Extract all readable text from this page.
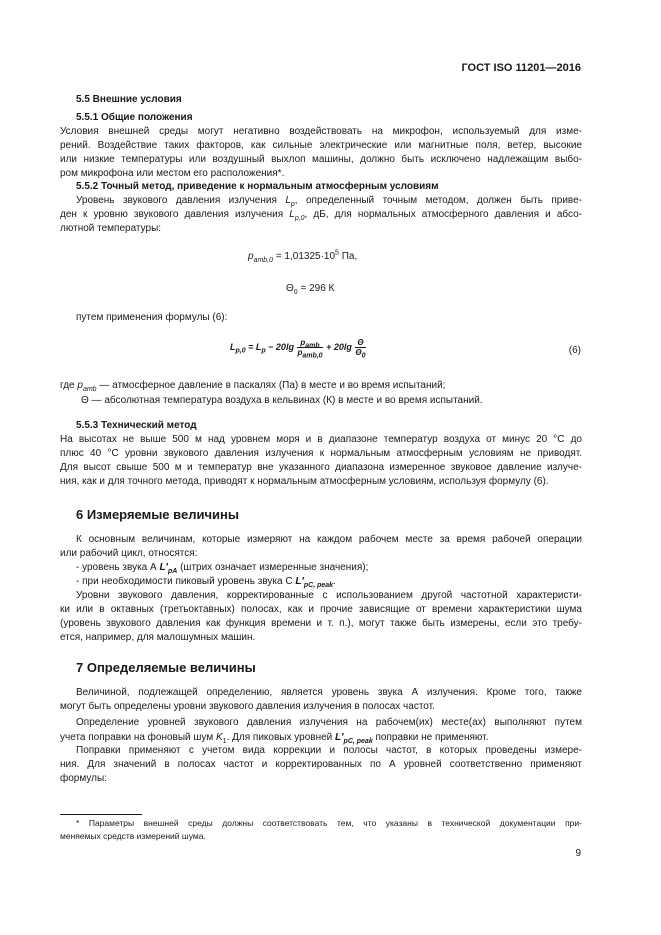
ГОСТ ISO 11201—2016
5.5 Внешние условия
5.5.1 Общие положения
Условия внешней среды могут негативно воздействовать на микрофон, используемый для изме-
рений. Воздействие таких факторов, как сильные электрические или магнитные поля, ветер, высокие
или низкие температуры или воздушный выхлоп машины, должно быть исключено надлежащим выбо-
ром микрофона или местом его расположения*.
5.5.2 Точный метод, приведение к нормальным атмосферным условиям
Уровень звукового давления излучения $L_p$, определенный точным методом, должен быть приве-
ден к уровню звукового давления излучения $L_{p,0}$, дБ, для нормальных атмосферного давления и абсо-
лютной температуры:
$p_{amb,0} = 1,01325\cdot 10^5$ Па,
$\Theta_0 = 296$ К
путем применения формулы (6):
$L_{p,0} = L_p - 20\lg \frac{p_{amb}}{p_{amb,0}} + 20\lg \frac{\Theta}{\Theta_0}$	(6)
где $p_{amb}$ — атмосферное давление в паскалях (Па) в месте и во время испытаний;
Θ — абсолютная температура воздуха в кельвинах (К) в месте и во время испытаний.
5.5.3 Технический метод
На высотах не выше 500 м над уровнем моря и в диапазоне температур воздуха от минус 20 °С до
плюс 40 °С уровни звукового давления излучения к нормальным атмосферным условиям не приводят.
Для высот свыше 500 м и температур вне указанного диапазона измеренное звуковое давление излуче-
ния, как и для точного метода, приводят к нормальным атмосферным условиям, используя формулу (6).
6 Измеряемые величины
К основным величинам, которые измеряют на каждом рабочем месте за время рабочей операции
или рабочий цикл, относятся:
- уровень звука А $L'_{pA}$ (штрих означает измеренные значения);
- при необходимости пиковый уровень звука С $L'_{pC, peak}$.
Уровни звукового давления, корректированные с использованием другой частотной характеристи-
ки или в октавных (третьоктавных) полосах, как и прочие зависящие от времени характеристики шума
(уровень звукового давления как функция времени и т. п.), могут также быть измерены, если это требу-
ется, например, для малошумных машин.
7 Определяемые величины
Величиной, подлежащей определению, является уровень звука А излучения. Кроме того, также
могут быть определены уровни звукового давления излучения в полосах частот.
Определение уровней звукового давления излучения на рабочем(их) месте(ах) выполняют путем
учета поправки на фоновый шум $K_1$. Для пиковых уровней $L'_{pC, peak}$ поправки не применяют.
Поправки применяют с учетом вида коррекции и полосы частот, в которых проведены измере-
ния. Для значений в полосах частот и корректированных по А уровней соответственно применяют
формулы:
* Параметры внешней среды должны соответствовать тем, что указаны в технической документации при-
меняемых средств измерений шума.
9
